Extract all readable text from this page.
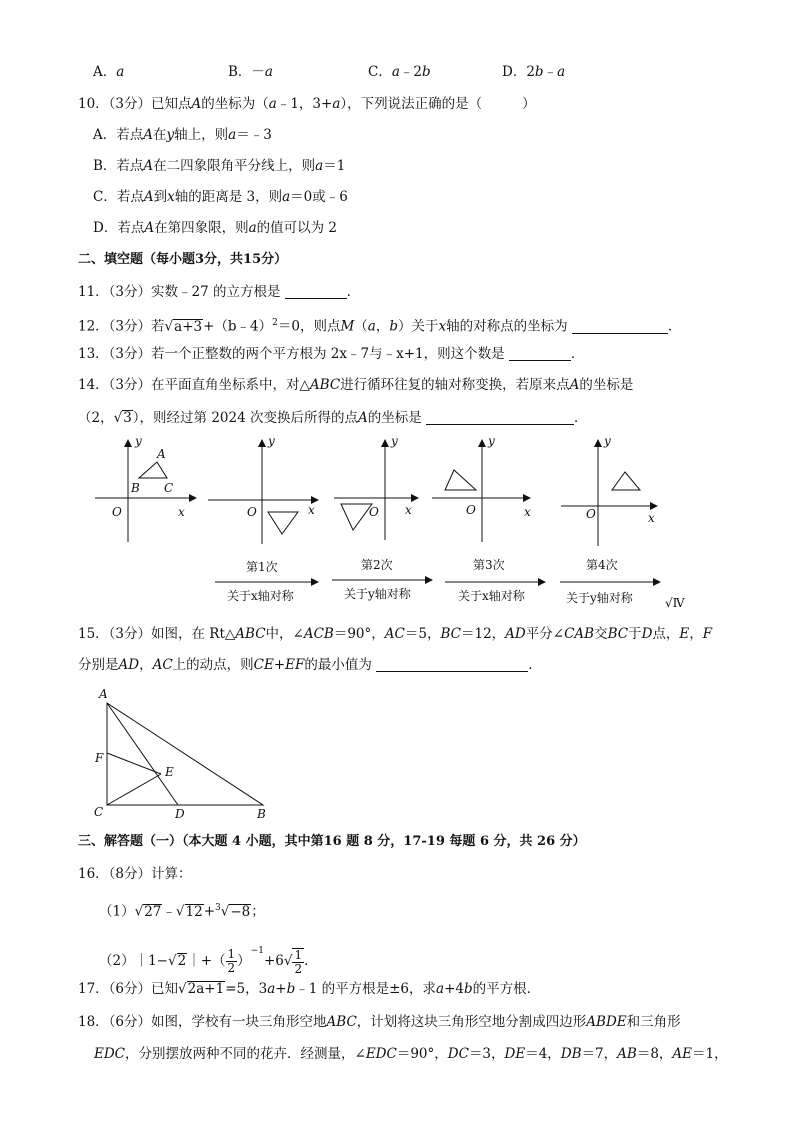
A．a	B．－a	C．a﹣2b	D．2b﹣a
10．（3分）已知点A的坐标为（a﹣1，3+a），下列说法正确的是（	）
A．若点A在y轴上，则a＝﹣3
B．若点A在二四象限角平分线上，则a＝1
C．若点A到x轴的距离是 3，则a＝0或﹣6
D．若点A在第四象限，则a的值可以为 2
二、填空题（每小题3分，共15分）
11．（3分）实数﹣27 的立方根是	．
12．（3分）若√a+3+（b﹣4）$^2$＝0，则点M（a，b）关于x轴的对称点的坐标为	．
13．（3分）若一个正整数的两个平方根为 2x﹣7与﹣x+1，则这个数是	．
14．（3分）在平面直角坐标系中，对△ABC进行循环往复的轴对称变换，若原来点A的坐标是
（2，√3），则经过第 2024 次变换后所得的点A的坐标是	．
y
A
B C
O	x
y
O	x
y
O x
y
O	x
y
O	x
第1次
关于x轴对称
第2次
关于y轴对称
第3次
关于x轴对称
第4次
关于y轴对称	√Ⅳ
15．（3分）如图，在 Rt△ABC中，∠ACB＝90°，AC＝5，BC＝12，AD平分∠CAB交BC于D点，E，F
分别是AD，AC上的动点，则CE+EF的最小值为	．
A
F
E
C	D	B
三、解答题（一）（本大题 4 小题，其中第16 题 8 分，17-19 每题 6 分，共 26 分）
16．（8分）计算：
（1）√27﹣√12+$^3$√−8；
（2）｜1−√2｜+（ $\frac{1}{2} )^{-1}+6√ \frac{1}{2}$ ．
17．（6分）已知√2a+1=5，3a+b﹣1 的平方根是±6，求a+4b的平方根．
18．（6分）如图，学校有一块三角形空地ABC，计划将这块三角形空地分割成四边形ABDE和三角形
EDC，分别摆放两种不同的花卉．经测量，∠EDC＝90°，DC＝3，DE＝4，DB＝7，AB＝8，AE＝1，
